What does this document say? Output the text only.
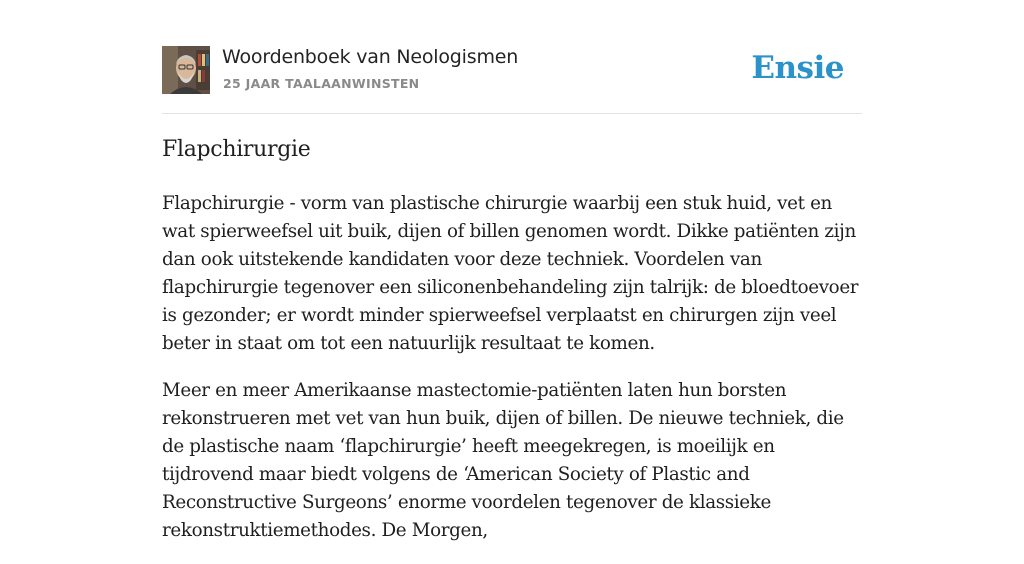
Woordenboek van Neologismen
25 JAAR TAALAANWINSTEN	Ensie
Flapchirurgie

Flapchirurgie - vorm van plastische chirurgie waarbij een stuk huid, vet en wat spierweefsel uit buik, dijen of billen genomen wordt. Dikke patiënten zijn dan ook uitstekende kandidaten voor deze techniek. Voordelen van flapchirurgie tegenover een siliconenbehandeling zijn talrijk: de bloedtoevoer is gezonder; er wordt minder spierweefsel verplaatst en chirurgen zijn veel beter in staat om tot een natuurlijk resultaat te komen.

Meer en meer Amerikaanse mastectomie-patiënten laten hun borsten rekonstrueren met vet van hun buik, dijen of billen. De nieuwe techniek, die de plastische naam ‘flapchirurgie’ heeft meegekregen, is moeilijk en tijdrovend maar biedt volgens de ‘American Society of Plastic and Reconstructive Surgeons’ enorme voordelen tegenover de klassieke rekonstruktiemethodes. De Morgen,
